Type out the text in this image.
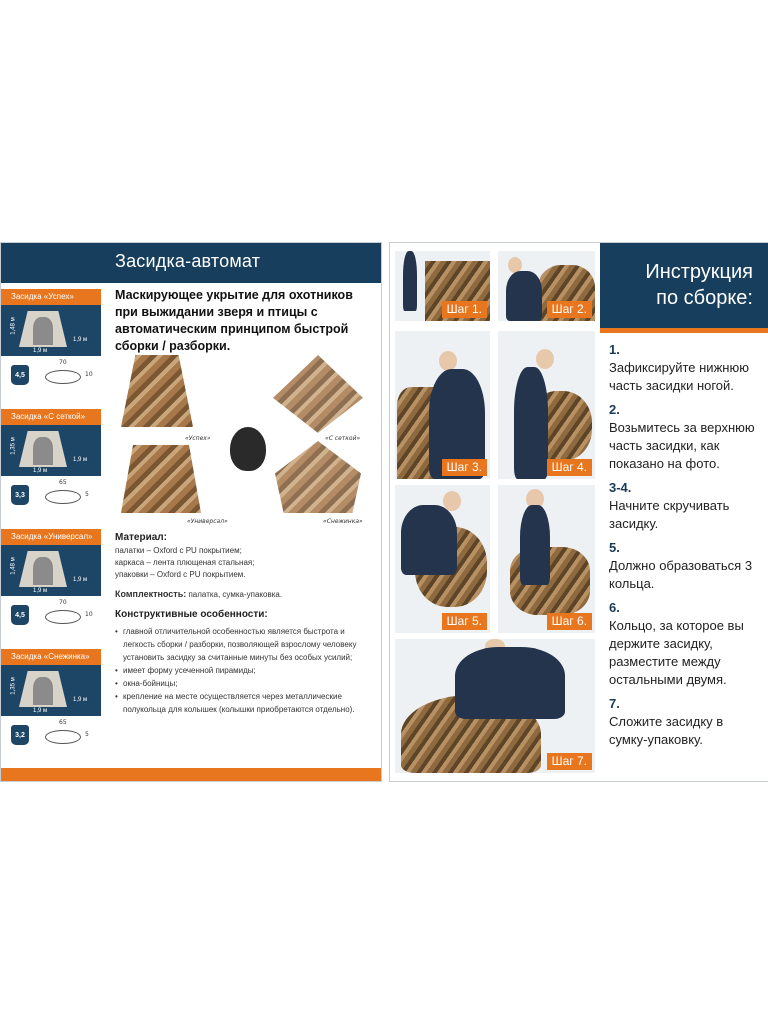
Засидка-автомат
Засидка «Успех»
1,48 м
1,9 м
1,9 м
4,5
70
10
Засидка «С сеткой»
1,35 м
1,9 м
1,9 м
3,3
65
5
Засидка «Универсал»
1,48 м
1,9 м
1,9 м
4,5
70
10
Засидка «Снежинка»
1,35 м
1,9 м
1,9 м
3,2
65
5
Маскирующее укрытие для охотников при выжидании зверя и птицы с автоматическим принципом быстрой сборки / разборки.
«Успех»	«С сеткой»
«Универсал»	«Снежинка»
Материал:
палатки – Oxford с PU покрытием;
каркаса – лента плющеная стальная;
упаковки – Oxford с PU покрытием.
Комплектность: палатка, сумка-упаковка.
Конструктивные особенности:
• главной отличительной особенностью является быстрота и легкость сборки / разборки, позволяющей взрослому человеку установить засидку за считанные минуты без особых усилий;
• имеет форму усеченной пирамиды;
• окна-бойницы;
• крепление на месте осуществляется через металлические полукольца для колышек (колышки приобретаются отдельно).
Шаг 1.	Шаг 2.
Шаг 3.	Шаг 4.
Шаг 5.	Шаг 6.
Шаг 7.
Инструкция
по сборке:
1.
Зафиксируйте нижнюю часть засидки ногой.
2.
Возьмитесь за верхнюю часть засидки, как показано на фото.
3-4.
Начните скручивать засидку.
5.
Должно образоваться 3 кольца.
6.
Кольцо, за которое вы держите засидку, разместите между остальными двумя.
7.
Сложите засидку в сумку-упаковку.
